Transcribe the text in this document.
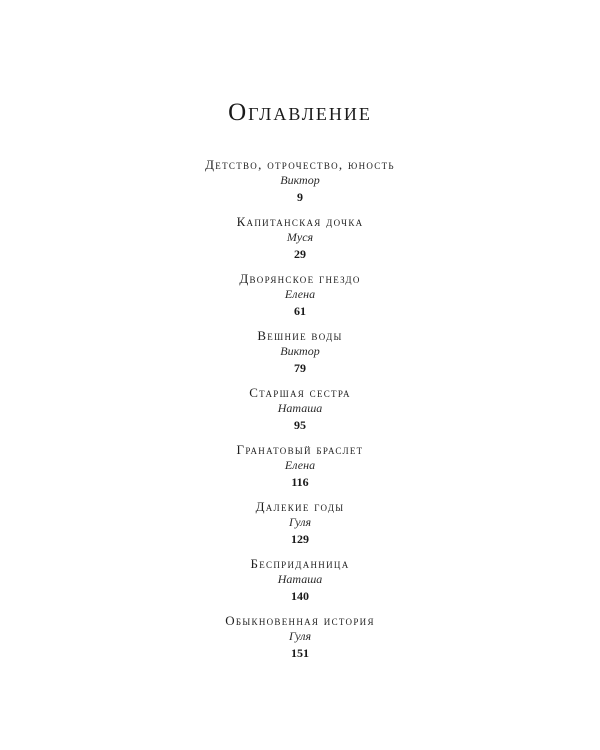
Оглавление
Детство, отрочество, юность
Виктор
9
Капитанская дочка
Муся
29
Дворянское гнездо
Елена
61
Вешние воды
Виктор
79
Старшая сестра
Наташа
95
Гранатовый браслет
Елена
116
Далекие годы
Гуля
129
Бесприданница
Наташа
140
Обыкновенная история
Гуля
151
